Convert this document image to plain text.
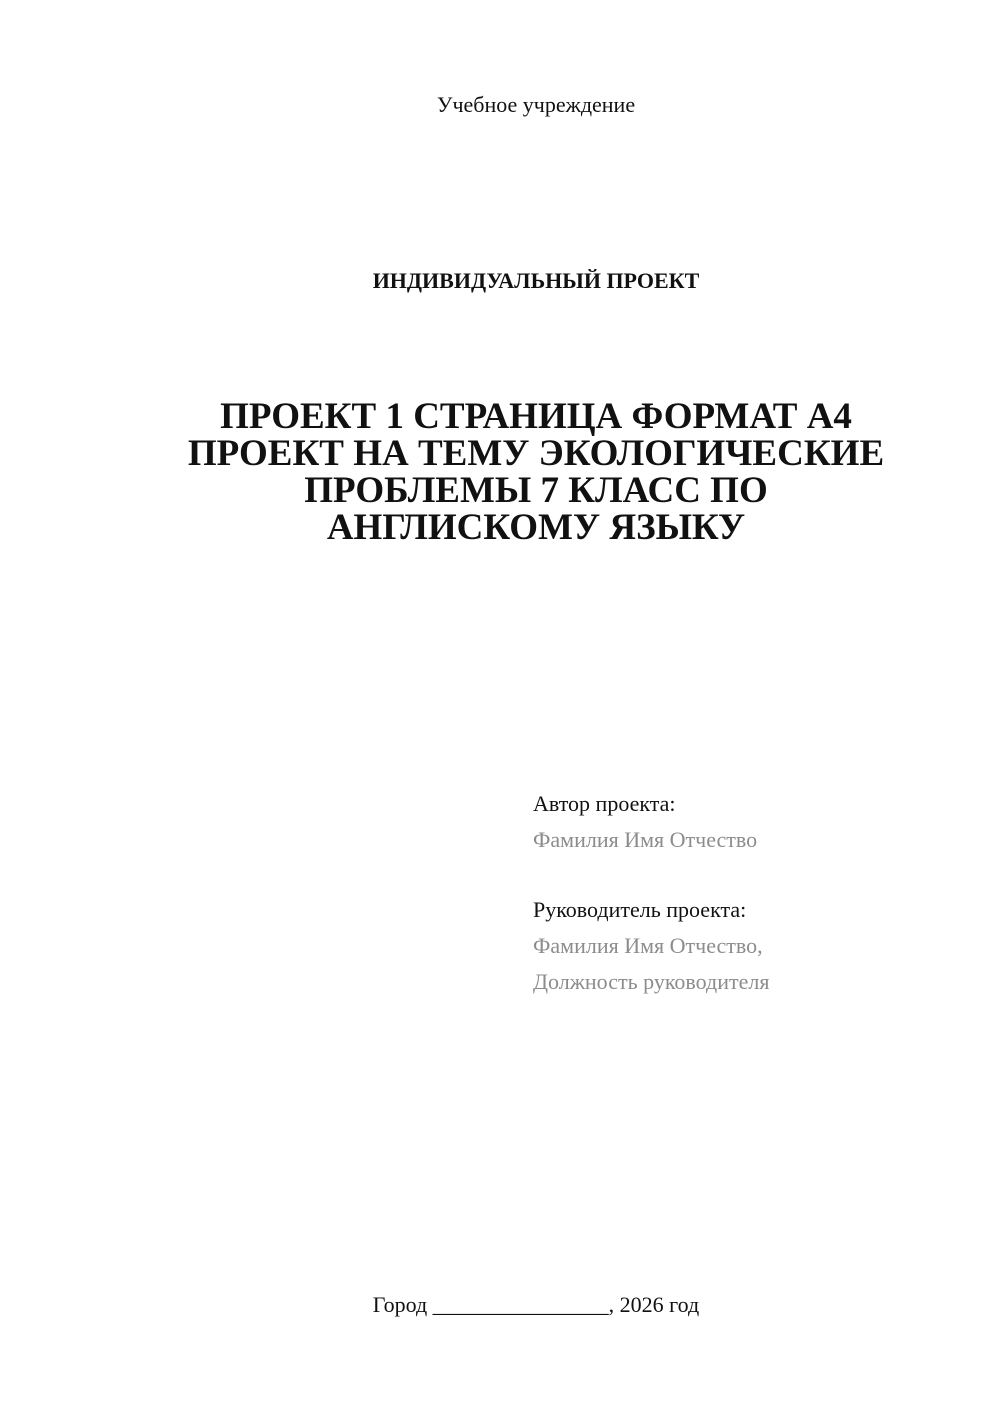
Учебное учреждение
ИНДИВИДУАЛЬНЫЙ ПРОЕКТ
ПРОЕКТ 1 СТРАНИЦА ФОРМАТ А4
ПРОЕКТ НА ТЕМУ ЭКОЛОГИЧЕСКИЕ
ПРОБЛЕМЫ 7 КЛАСС ПО
АНГЛИСКОМУ ЯЗЫКУ
Автор проекта:
Фамилия Имя Отчество
Руководитель проекта:
Фамилия Имя Отчество,
Должность руководителя
Город ________________, 2026 год
